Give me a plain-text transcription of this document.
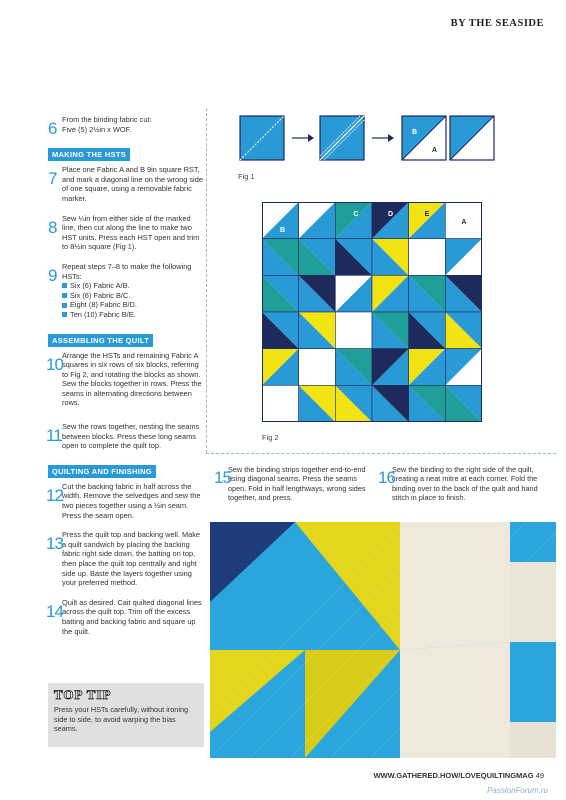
BY THE SEASIDE
6 From the binding fabric cut:

Five (5) 2½in x WOF.

MAKING THE HSTS
7 Place one Fabric A and B 9in square RST, and mark a diagonal line on the wrong side of one square, using a removable fabric marker.

8 Sew ¼in from either side of the marked line, then cut along the line to make two HST units. Press each HST open and trim to 8½in square (Fig 1).

9 Repeat steps 7–8 to make the following HSTs:

Six (6) Fabric A/B.
Six (6) Fabric B/C.
Eight (8) Fabric B/D.
Ten (10) Fabric B/E.
ASSEMBLING THE QUILT
10 Arrange the HSTs and remaining Fabric A squares in six rows of six blocks, referring to Fig 2, and rotating the blocks as shown. Sew the blocks together in rows. Press the seams in alternating directions between rows.

11 Sew the rows together, nesting the seams between blocks. Press these long seams open to complete the quilt top.

QUILTING AND FINISHING
12 Cut the backing fabric in half across the width. Remove the selvedges and sew the two pieces together using a ½in seam. Press the seam open.

13 Press the quilt top and backing well. Make a quilt sandwich by placing the backing fabric right side down, the batting on top, then place the quilt top centrally and right side up. Baste the layers together using your preferred method.

14 Quilt as desired. Cait quilted diagonal lines across the quilt top. Trim off the excess batting and backing fabric and square up the quilt.

TOP TIP
Press your HSTs carefully, without ironing side to side, to avoid warping the bias seams.
B
A
Fig 1
B
C	D	E
A
Fig 2
15

Sew the binding strips together end-to-end using diagonal seams. Press the seams open. Fold in half lengthways, wrong sides together, and press.

16

Sew the binding to the right side of the quilt, creating a neat mitre at each corner. Fold the binding over to the back of the quilt and hand stitch in place to finish.

WWW.GATHERED.HOW/LOVEQUILTINGMAG 49
PassionForum.ru
